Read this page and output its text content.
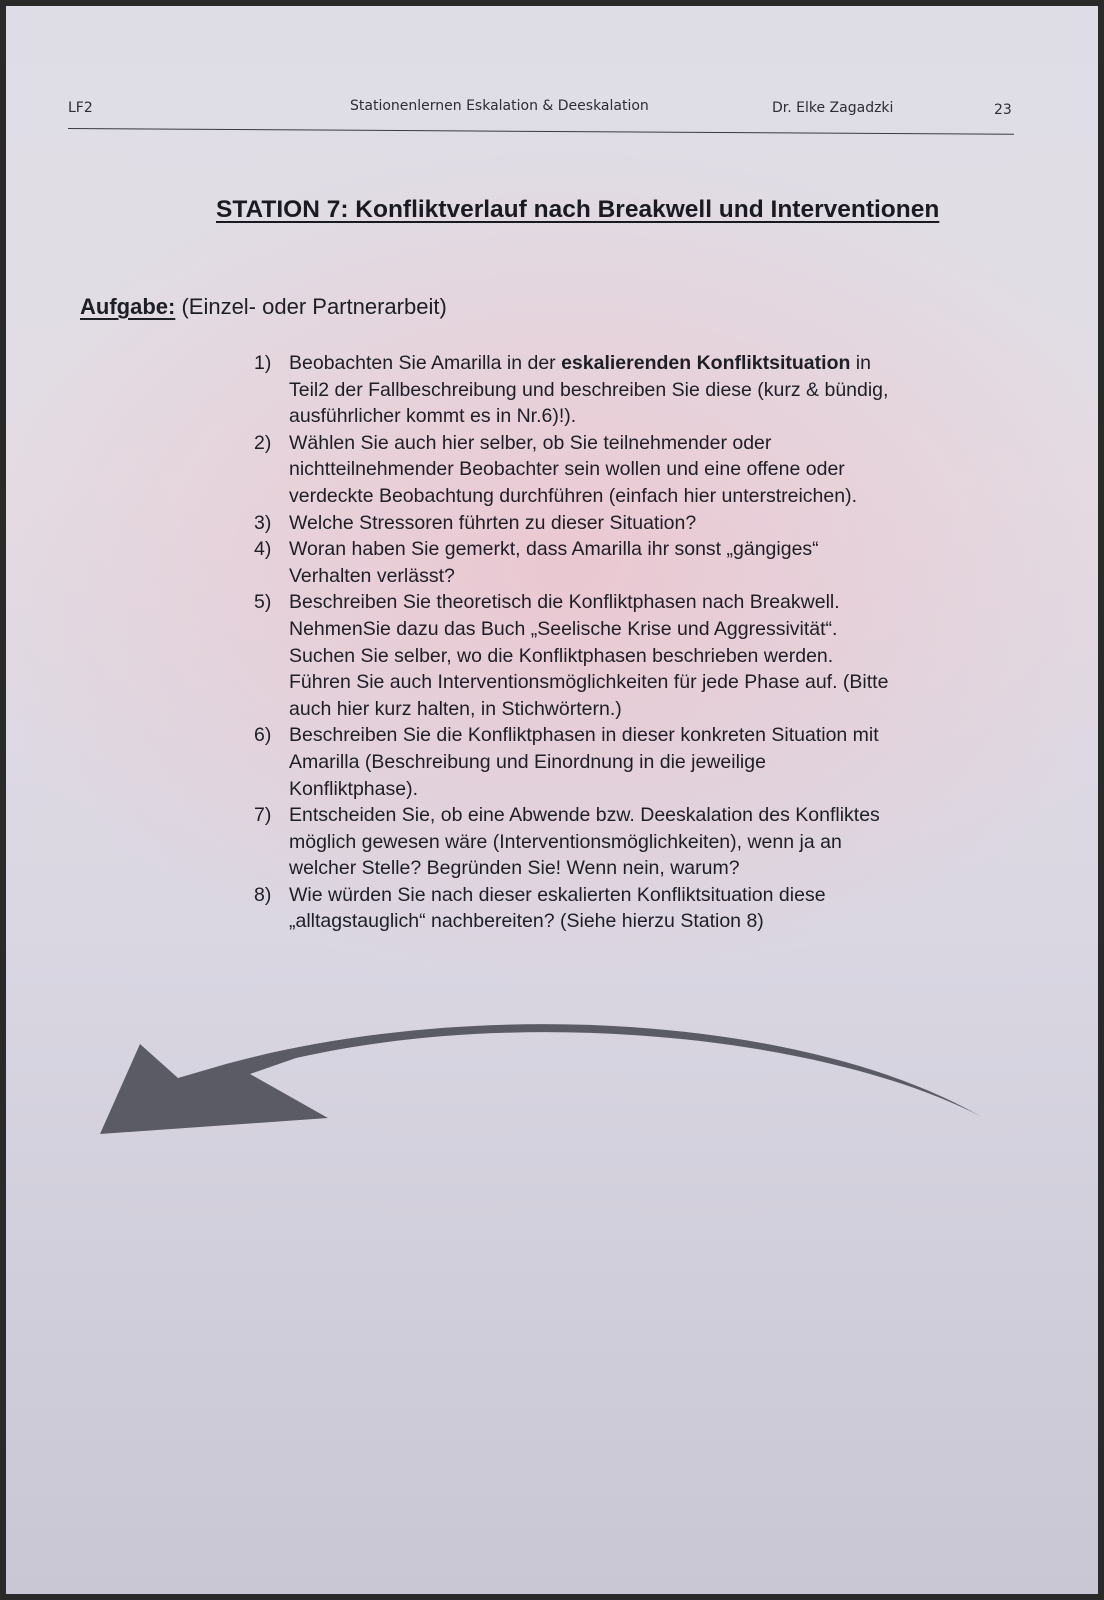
LF2	Stationenlernen Eskalation & Deeskalation	Dr. Elke Zagadzki	23
STATION 7: Konfliktverlauf nach Breakwell und Interventionen
Aufgabe: (Einzel- oder Partnerarbeit)
1) Beobachten Sie Amarilla in der eskalierenden Konfliktsituation in
Teil2 der Fallbeschreibung und beschreiben Sie diese (kurz & bündig,
ausführlicher kommt es in Nr.6)!).
2) Wählen Sie auch hier selber, ob Sie teilnehmender oder
nichtteilnehmender Beobachter sein wollen und eine offene oder
verdeckte Beobachtung durchführen (einfach hier unterstreichen).
3) Welche Stressoren führten zu dieser Situation?
4) Woran haben Sie gemerkt, dass Amarilla ihr sonst „gängiges“
Verhalten verlässt?
5) Beschreiben Sie theoretisch die Konfliktphasen nach Breakwell.
NehmenSie dazu das Buch „Seelische Krise und Aggressivität“.
Suchen Sie selber, wo die Konfliktphasen beschrieben werden.
Führen Sie auch Interventionsmöglichkeiten für jede Phase auf. (Bitte
auch hier kurz halten, in Stichwörtern.)
6) Beschreiben Sie die Konfliktphasen in dieser konkreten Situation mit
Amarilla (Beschreibung und Einordnung in die jeweilige
Konfliktphase).
7) Entscheiden Sie, ob eine Abwende bzw. Deeskalation des Konfliktes
möglich gewesen wäre (Interventionsmöglichkeiten), wenn ja an
welcher Stelle? Begründen Sie! Wenn nein, warum?
8) Wie würden Sie nach dieser eskalierten Konfliktsituation diese
„alltagstauglich“ nachbereiten? (Siehe hierzu Station 8)
